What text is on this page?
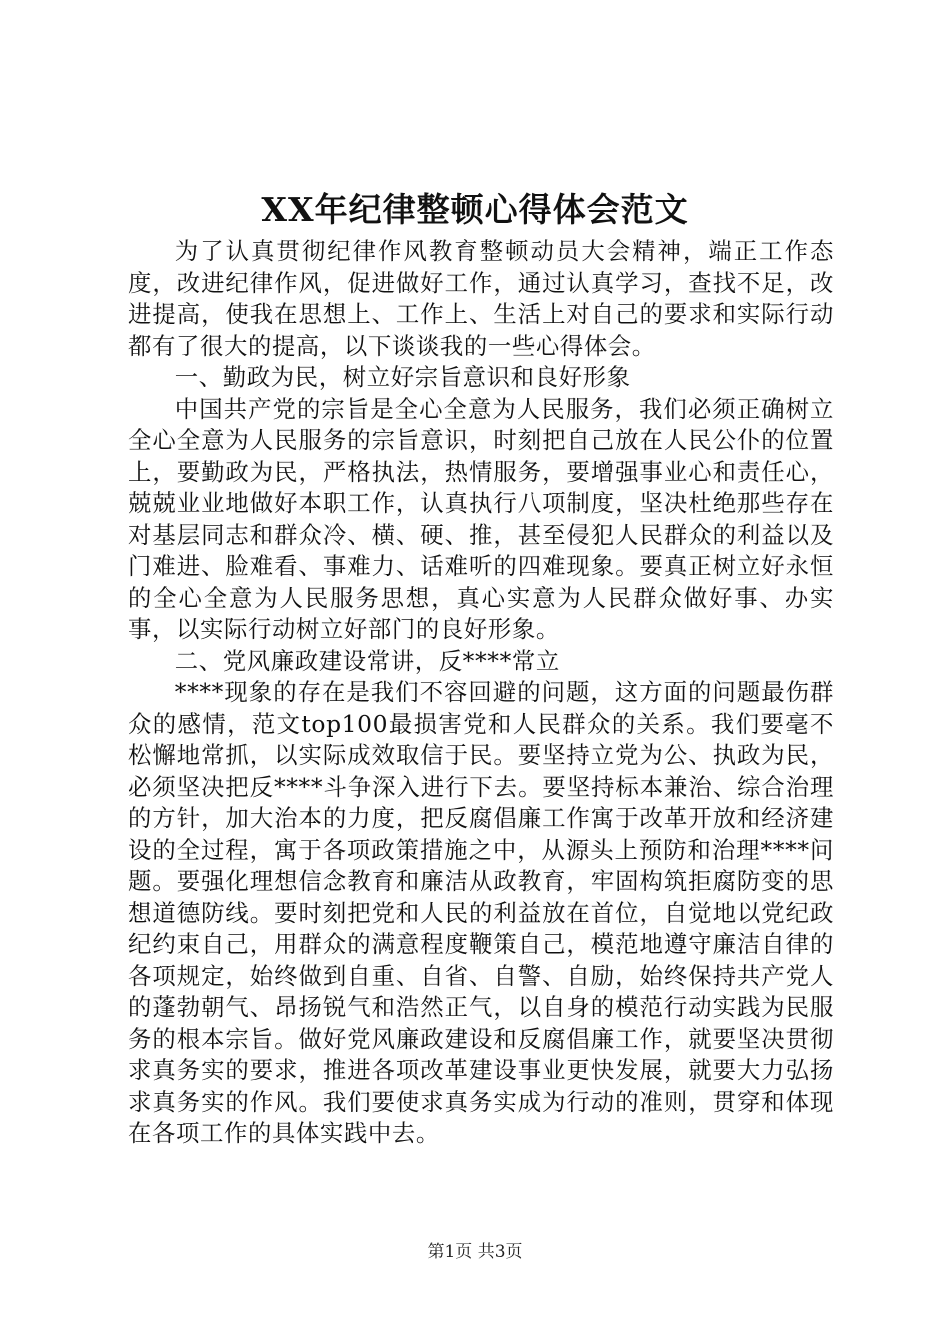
XX年纪律整顿心得体会范文

为了认真贯彻纪律作风教育整顿动员大会精神，端正工作态度，改进纪律作风，促进做好工作，通过认真学习，查找不足，改进提高，使我在思想上、工作上、生活上对自己的要求和实际行动都有了很大的提高，以下谈谈我的一些心得体会。

一、勤政为民，树立好宗旨意识和良好形象

中国共产党的宗旨是全心全意为人民服务，我们必须正确树立全心全意为人民服务的宗旨意识，时刻把自己放在人民公仆的位置上，要勤政为民，严格执法，热情服务，要增强事业心和责任心，兢兢业业地做好本职工作，认真执行八项制度，坚决杜绝那些存在对基层同志和群众冷、横、硬、推，甚至侵犯人民群众的利益以及门难进、脸难看、事难力、话难听的四难现象。要真正树立好永恒的全心全意为人民服务思想，真心实意为人民群众做好事、办实事，以实际行动树立好部门的良好形象。

二、党风廉政建设常讲，反****常立

****现象的存在是我们不容回避的问题，这方面的问题最伤群众的感情，范文top100最损害党和人民群众的关系。我们要毫不松懈地常抓，以实际成效取信于民。要坚持立党为公、执政为民，必须坚决把反****斗争深入进行下去。要坚持标本兼治、综合治理的方针，加大治本的力度，把反腐倡廉工作寓于改革开放和经济建设的全过程，寓于各项政策措施之中，从源头上预防和治理****问题。要强化理想信念教育和廉洁从政教育，牢固构筑拒腐防变的思想道德防线。要时刻把党和人民的利益放在首位，自觉地以党纪政纪约束自己，用群众的满意程度鞭策自己，模范地遵守廉洁自律的各项规定，始终做到自重、自省、自警、自励，始终保持共产党人的蓬勃朝气、昂扬锐气和浩然正气，以自身的模范行动实践为民服务的根本宗旨。做好党风廉政建设和反腐倡廉工作，就要坚决贯彻求真务实的要求，推进各项改革建设事业更快发展，就要大力弘扬求真务实的作风。我们要使求真务实成为行动的准则，贯穿和体现在各项工作的具体实践中去。

第1页 共3页
